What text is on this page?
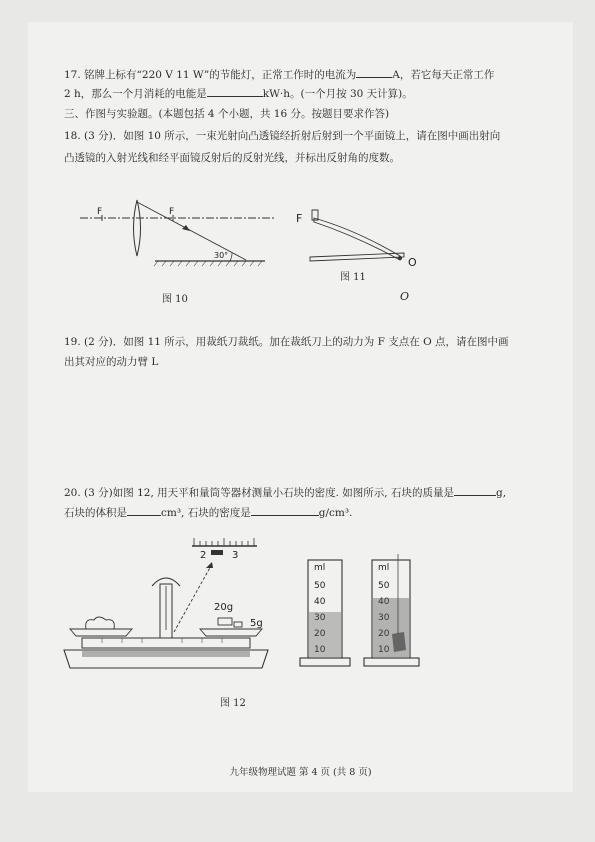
17. 铭牌上标有“220 V 11 W”的节能灯，正常工作时的电流为	A，若它每天正常工作
2 h，那么一个月消耗的电能是	kW·h。(一个月按 30 天计算)。
三、作图与实验题。(本题包括 4 个小题，共 16 分。按题目要求作答)
18. (3 分)．如图 10 所示，一束光射向凸透镜经折射后射到一个平面镜上，请在图中画出射向
凸透镜的入射光线和经平面镜反射后的反射光线，并标出反射角的度数。
F	F
30°
图 10
F
O
图 11
O
19. (2 分)．如图 11 所示，用裁纸刀裁纸。加在裁纸刀上的动力为 F 支点在 O 点，请在图中画
出其对应的动力臂 L
20. (3 分)如图 12, 用天平和量筒等器材测量小石块的密度. 如图所示, 石块的质量是	g,
石块的体积是	cm³, 石块的密度是	g/cm³.
2	3
20g
5g
ml
50
40
30
20
10
ml
50
40
30
20
10
图 12
九年级物理试题 第 4 页 (共 8 页)
